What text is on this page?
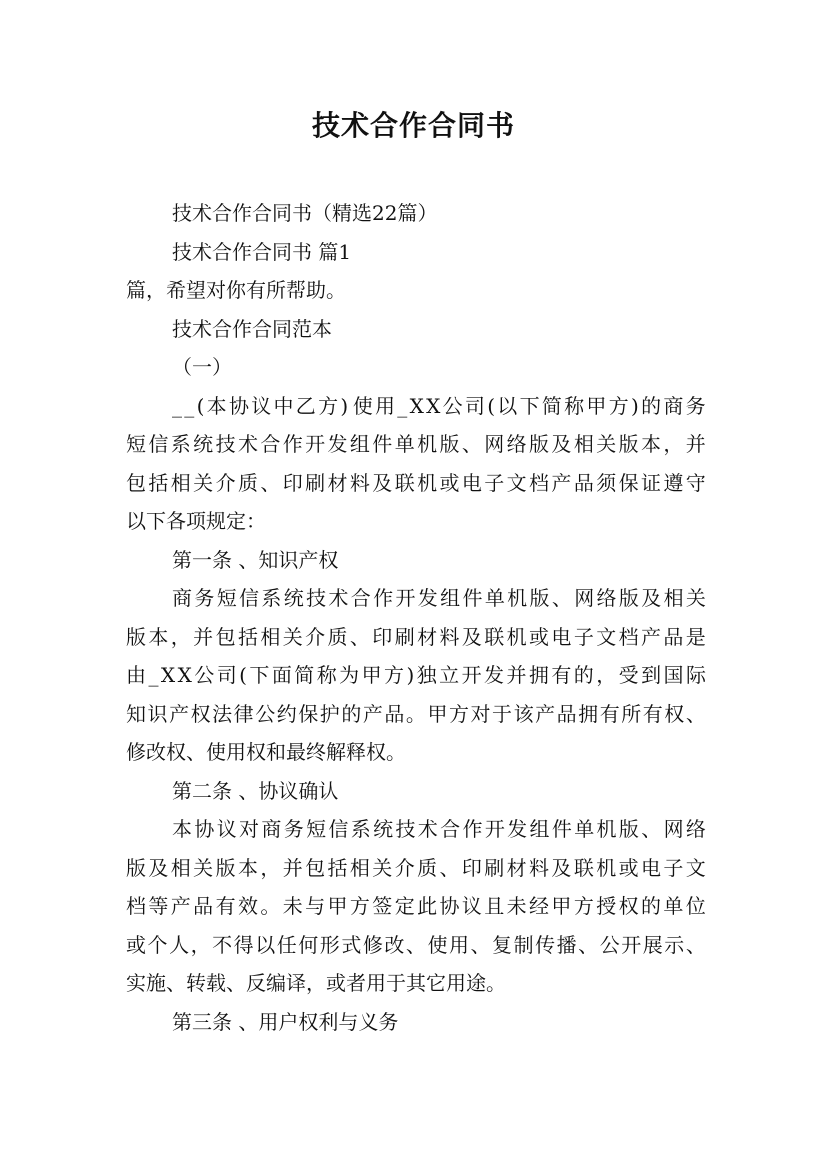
技术合作合同书
技术合作合同书（精选22篇）
技术合作合同书 篇1
篇，希望对你有所帮助。
技术合作合同范本
（一）
_ _ ( 本 协 议 中 乙 方 ) 使 用 _ X X 公 司 ( 以 下 简 称 甲 方 ) 的 商 务
短 信 系 统 技 术 合 作 开 发 组 件 单 机 版 、 网 络 版 及 相 关 版 本 ， 并
包 括 相 关 介 质 、 印 刷 材 料 及 联 机 或 电 子 文 档 产 品 须 保 证 遵 守
以下各项规定：
第一条 、知识产权
商 务 短 信 系 统 技 术 合 作 开 发 组 件 单 机 版 、 网 络 版 及 相 关
版 本 ， 并 包 括 相 关 介 质 、 印 刷 材 料 及 联 机 或 电 子 文 档 产 品 是
由 _ X X 公 司 ( 下 面 简 称 为 甲 方 ) 独 立 开 发 并 拥 有 的 ， 受 到 国 际
知 识 产 权 法 律 公 约 保 护 的 产 品 。 甲 方 对 于 该 产 品 拥 有 所 有 权 、
修改权、使用权和最终解释权。
第二条 、协议确认
本 协 议 对 商 务 短 信 系 统 技 术 合 作 开 发 组 件 单 机 版 、 网 络
版 及 相 关 版 本 ， 并 包 括 相 关 介 质 、 印 刷 材 料 及 联 机 或 电 子 文
档 等 产 品 有 效 。 未 与 甲 方 签 定 此 协 议 且 未 经 甲 方 授 权 的 单 位
或 个 人 ， 不 得 以 任 何 形 式 修 改 、 使 用 、 复 制 传 播 、 公 开 展 示 、
实施、转载、反编译，或者用于其它用途。
第三条 、用户权利与义务
